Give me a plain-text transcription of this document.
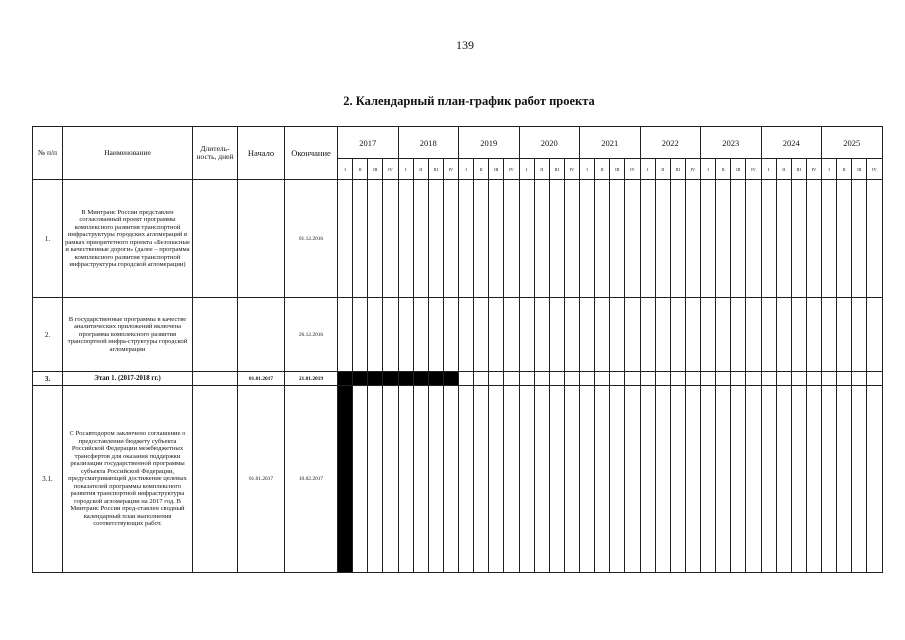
139
2. Календарный план-график работ проекта
№ п/п	Наименование	Длитель-ность, дней	Начало	Окончание	2017				2018				2019				2020				2021				2022				2023				2024				2025			
					I	II	III	IV	I	II	III	IV	I	II	III	IV	I	II	III	IV	I	II	III	IV	I	II	III	IV	I	II	III	IV	I	II	III	IV	I	II	III	IV
1.	В Минтранс России представлен согласованный проект программы комплексного развития транспортной инфраструктуры городских агломераций в рамках приоритетного проекта «Безопасные и качественные дороги» (далее – программа комплексного развития транспортной инфраструктуры городской агломерации)			01.12.2016																																				
2.	В государственные программы в качестве аналитических приложений включена программа комплексного развития транспортной инфра-структуры городской агломерации			26.12.2016																																				
3.	Этап 1. (2017-2018 гг.)		01.01.2017	21.01.2019																																				
3.1.	С Росавтодором заключено соглашение о предоставлении бюджету субъекта Российской Федерации межбюджетных трансфертов для оказания поддержки реализации государственной программы субъекта Российской Федерации, предусматривающей достижение целевых показателей программы комплексного развития транспортной инфраструктуры городской агломерации на 2017 год. В Минтранс России пред-ставлен сводный календарный план выполнения соответствующих работ.		01.01.2017	10.02.2017																																				
